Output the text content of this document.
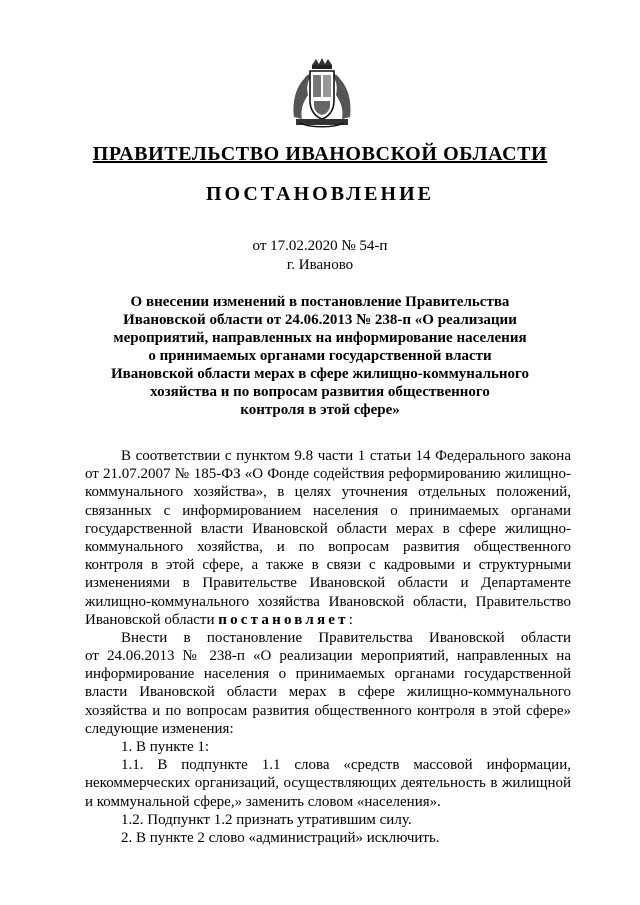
ПРАВИТЕЛЬСТВО ИВАНОВСКОЙ ОБЛАСТИ
ПОСТАНОВЛЕНИЕ
от 17.02.2020 № 54-п
г. Иваново
О внесении изменений в постановление Правительства
Ивановской области от 24.06.2013 № 238-п «О реализации
мероприятий, направленных на информирование населения
о принимаемых органами государственной власти
Ивановской области мерах в сфере жилищно-коммунального
хозяйства и по вопросам развития общественного
контроля в этой сфере»
В соответствии с пунктом 9.8 части 1 статьи 14 Федерального закона
от 21.07.2007 № 185-ФЗ «О Фонде содействия реформированию жилищно-
коммунального хозяйства», в целях уточнения отдельных положений,
связанных с информированием населения о принимаемых органами
государственной власти Ивановской области мерах в сфере жилищно-
коммунального хозяйства, и по вопросам развития общественного
контроля в этой сфере, а также в связи с кадровыми и структурными
изменениями в Правительстве Ивановской области и Департаменте
жилищно-коммунального хозяйства Ивановской области, Правительство
Ивановской области постановляет:
Внести в постановление Правительства Ивановской области
от 24.06.2013 № 238-п «О реализации мероприятий, направленных на
информирование населения о принимаемых органами государственной
власти Ивановской области мерах в сфере жилищно-коммунального
хозяйства и по вопросам развития общественного контроля в этой сфере»
следующие изменения:
1. В пункте 1:
1.1. В подпункте 1.1 слова «средств массовой информации,
некоммерческих организаций, осуществляющих деятельность в жилищной
и коммунальной сфере,» заменить словом «населения».
1.2. Подпункт 1.2 признать утратившим силу.
2. В пункте 2 слово «администраций» исключить.
